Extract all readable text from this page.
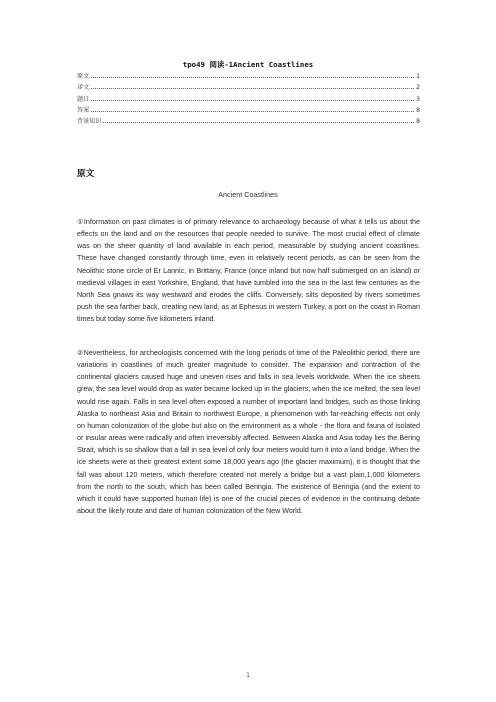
tpo49 阅读-1Ancient Coastlines
原文	1
译文	2
题目	3
答案	8
背景知识	8
原文
Ancient Coastlines

①Information on past climates is of primary relevance to archaeology because of what it tells us about the effects on the land and on the resources that people needed to survive. The most crucial effect of climate was on the sheer quantity of land available in each period, measurable by studying ancient coastlines. These have changed constantly through time, even in relatively recent periods, as can be seen from the Neolithic stone circle of Er Lannic, in Brittany, France (once inland but now half submerged on an island) or medieval villages in east Yorkshire, England, that have tumbled into the sea in the last few centuries as the North Sea gnaws its way westward and erodes the cliffs. Conversely, silts deposited by rivers sometimes push the sea farther back, creating new land, as at Ephesus in western Turkey, a port on the coast in Roman times but today some five kilometers inland.

②Nevertheless, for archeologists concerned with the long periods of time of the Paleolithic period, there are variations in coastlines of much greater magnitude to consider. The expansion and contraction of the continental glaciers caused huge and uneven rises and falls in sea levels worldwide. When the ice sheets grew, the sea level would drop as water became locked up in the glaciers; when the ice melted, the sea level would rise again. Falls in sea level often exposed a number of important land bridges, such as those linking Alaska to northeast Asia and Britain to northwest Europe, a phenomenon with far-reaching effects not only on human colonization of the globe but also on the environment as a whole - the flora and fauna of isolated or insular areas were radically and often irreversibly affected. Between Alaska and Asia today lies the Bering Strait, which is so shallow that a fall in sea level of only four meters would turn it into a land bridge. When the ice sheets were at their greatest extent some 18,000 years ago (the glacier maximum), it is thought that the fall was about 120 meters, which therefore created not merely a bridge but a vast plain,1,000 kilometers from the north to the south, which has been called Beringia. The existence of Beringia (and the extent to which it could have supported human life) is one of the crucial pieces of evidence in the continuing debate about the likely route and date of human colonization of the New World.

1
